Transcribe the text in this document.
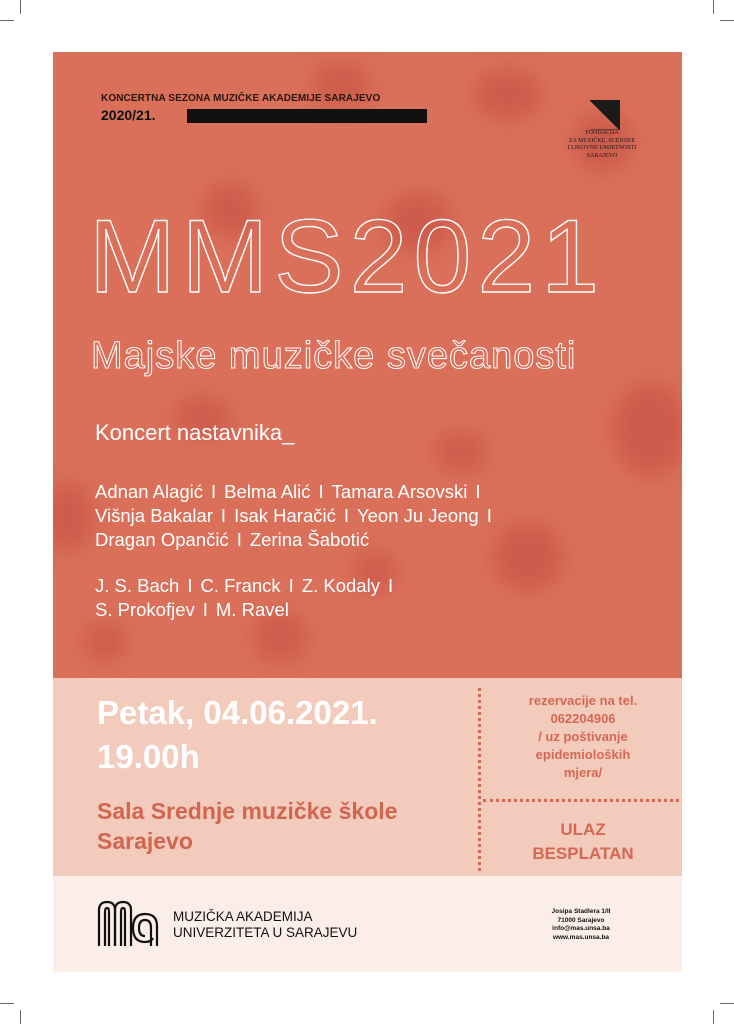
KONCERTNA SEZONA MUZIČKE AKADEMIJE SARAJEVO
2020/21.
FONDACIJA
ZA MUZIČKE, SCENSKE
I LIKOVNE UMJETNOSTI
SARAJEVO
MMS2021
Majske muzičke svečanosti
Koncert nastavnika_
Adnan Alagić I Belma Alić I Tamara Arsovski I
Višnja Bakalar I Isak Haračić I Yeon Ju Jeong I
Dragan Opančić I Zerina Šabotić
J. S. Bach I C. Franck I Z. Kodaly I
S. Prokofjev I M. Ravel
Petak, 04.06.2021.
19.00h
Sala Srednje muzičke škole
Sarajevo
rezervacije na tel.
062204906
/ uz poštivanje
epidemioloških
mjera/
ULAZ
BESPLATAN
MUZIČKA AKADEMIJA
UNIVERZITETA U SARAJEVU
Josipa Stadlera 1/II
71000 Sarajevo
info@mas.unsa.ba
www.mas.unsa.ba
